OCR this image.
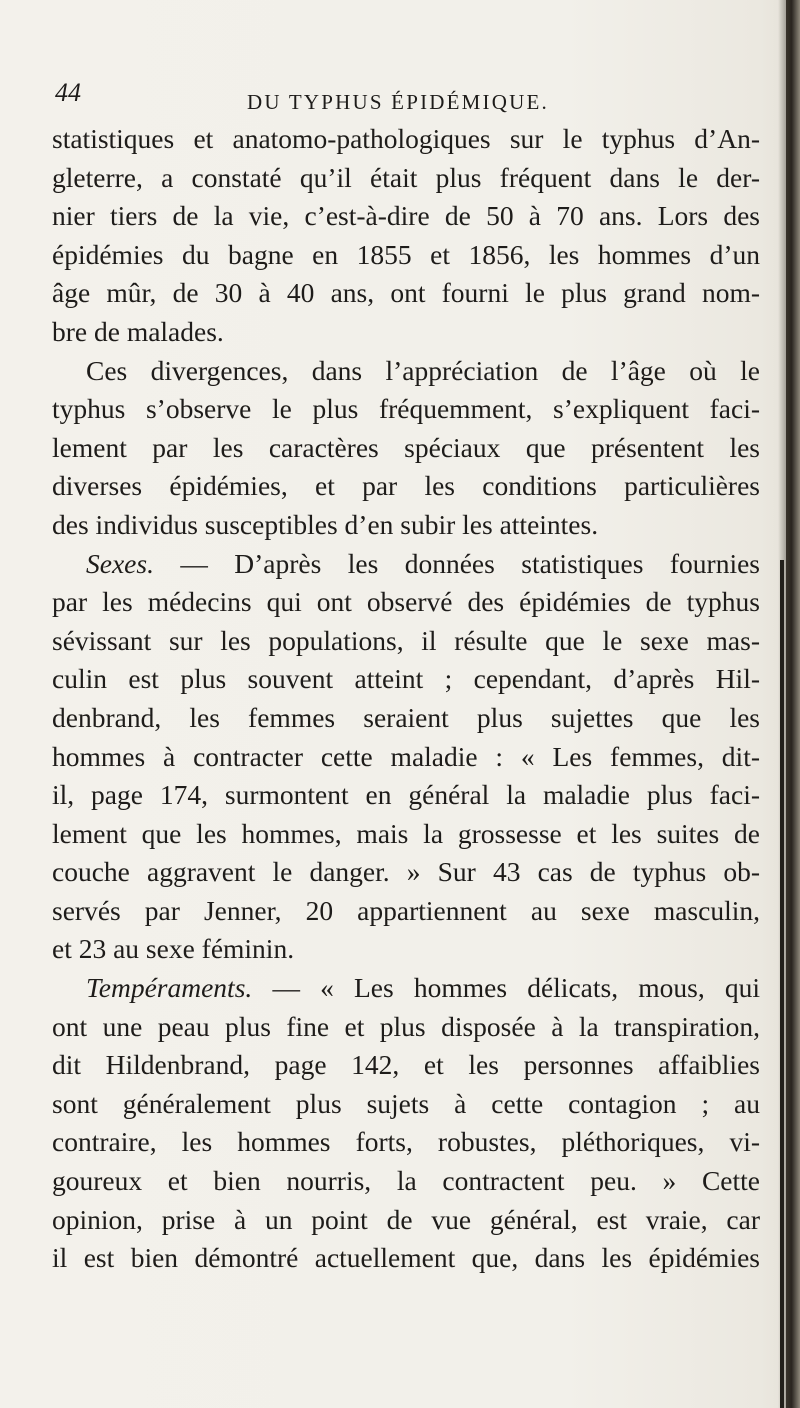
44	DU TYPHUS ÉPIDÉMIQUE.
statistiques et anatomo-pathologiques sur le typhus d’An-
gleterre, a constaté qu’il était plus fréquent dans le der-
nier tiers de la vie, c’est-à-dire de 50 à 70 ans. Lors des
épidémies du bagne en 1855 et 1856, les hommes d’un
âge mûr, de 30 à 40 ans, ont fourni le plus grand nom-
bre de malades.
Ces divergences, dans l’appréciation de l’âge où le
typhus s’observe le plus fréquemment, s’expliquent faci-
lement par les caractères spéciaux que présentent les
diverses épidémies, et par les conditions particulières
des individus susceptibles d’en subir les atteintes.
Sexes. — D’après les données statistiques fournies
par les médecins qui ont observé des épidémies de typhus
sévissant sur les populations, il résulte que le sexe mas-
culin est plus souvent atteint ; cependant, d’après Hil-
denbrand, les femmes seraient plus sujettes que les
hommes à contracter cette maladie : « Les femmes, dit-
il, page 174, surmontent en général la maladie plus faci-
lement que les hommes, mais la grossesse et les suites de
couche aggravent le danger. » Sur 43 cas de typhus ob-
servés par Jenner, 20 appartiennent au sexe masculin,
et 23 au sexe féminin.
Tempéraments. — « Les hommes délicats, mous, qui
ont une peau plus fine et plus disposée à la transpiration,
dit Hildenbrand, page 142, et les personnes affaiblies
sont généralement plus sujets à cette contagion ; au
contraire, les hommes forts, robustes, pléthoriques, vi-
goureux et bien nourris, la contractent peu. » Cette
opinion, prise à un point de vue général, est vraie, car
il est bien démontré actuellement que, dans les épidémies
